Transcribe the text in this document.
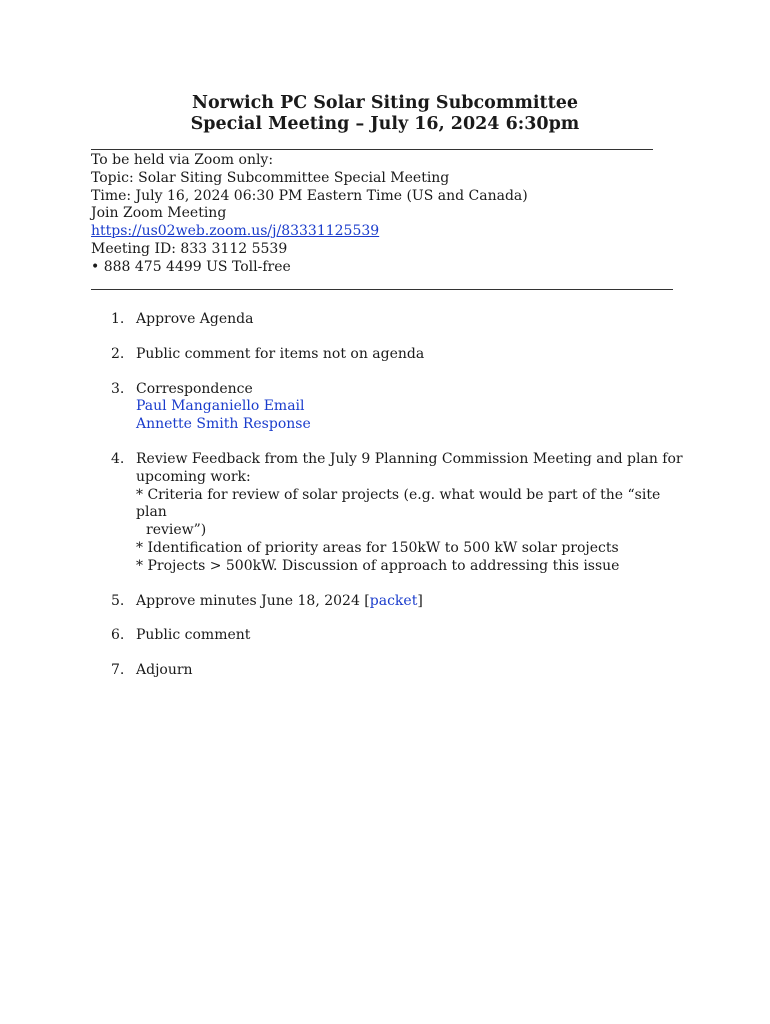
Norwich PC Solar Siting Subcommittee
Special Meeting – July 16, 2024 6:30pm
To be held via Zoom only:
Topic: Solar Siting Subcommittee Special Meeting
Time: July 16, 2024 06:30 PM Eastern Time (US and Canada)
Join Zoom Meeting
https://us02web.zoom.us/j/83331125539
Meeting ID: 833 3112 5539
• 888 475 4499 US Toll-free
1. Approve Agenda
2. Public comment for items not on agenda
3. Correspondence
Paul Manganiello Email
Annette Smith Response
4. Review Feedback from the July 9 Planning Commission Meeting and plan for upcoming work:
* Criteria for review of solar projects (e.g. what would be part of the “site plan
review”)
* Identification of priority areas for 150kW to 500 kW solar projects
* Projects > 500kW. Discussion of approach to addressing this issue
5. Approve minutes June 18, 2024 [packet]
6. Public comment
7. Adjourn
